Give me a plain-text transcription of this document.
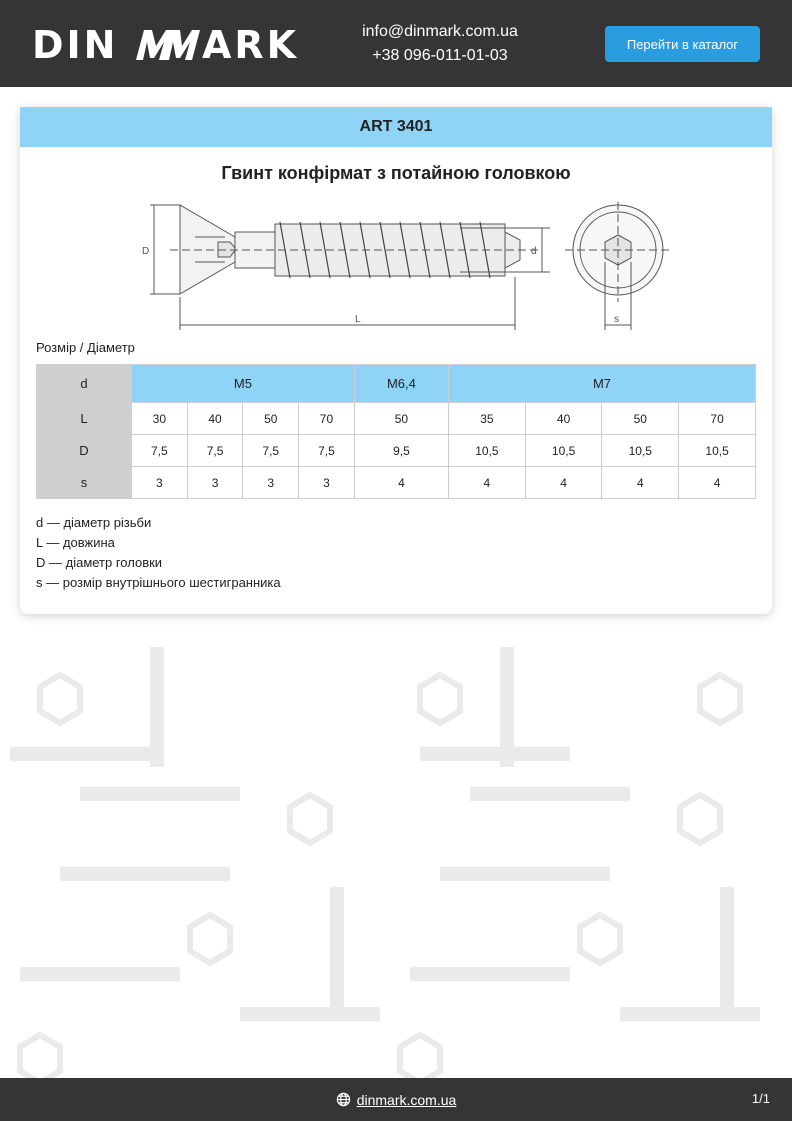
DIN ARK	info@dinmark.com.ua
+38 096-011-01-03
Перейти в каталог
ART 3401
Гвинт конфірмат з потайною головкою
D	d
L	s
Розмір / Діаметр
d	M5				M6,4	M7			
L	30	40	50	70	50	35	40	50	70
D	7,5	7,5	7,5	7,5	9,5	10,5	10,5	10,5	10,5
s	3	3	3	3	4	4	4	4	4
d — діаметр різьби
L — довжина
D — діаметр головки
s — розмір внутрішнього шестигранника
dinmark.com.ua	1/1
